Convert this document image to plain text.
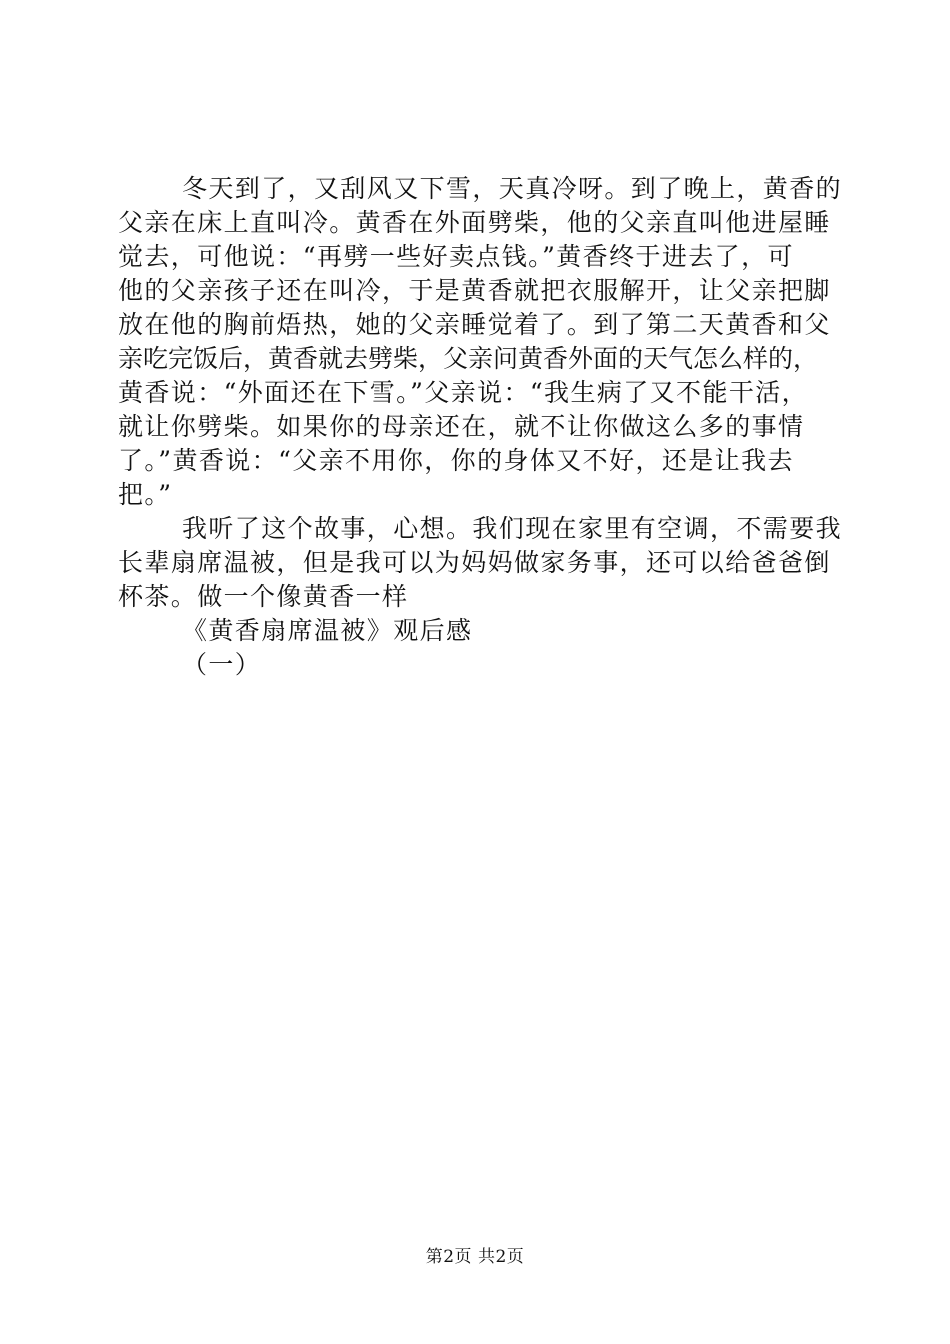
冬天到了，又刮风又下雪，天真冷呀。到了晚上，黄香的
父亲在床上直叫冷。黄香在外面劈柴，他的父亲直叫他进屋睡
觉去，可他说：“再劈一些好卖点钱。”黄香终于进去了，可
他的父亲孩子还在叫冷，于是黄香就把衣服解开，让父亲把脚
放在他的胸前焐热，她的父亲睡觉着了。到了第二天黄香和父
亲吃完饭后，黄香就去劈柴，父亲问黄香外面的天气怎么样的，
黄香说：“外面还在下雪。”父亲说：“我生病了又不能干活，
就让你劈柴。如果你的母亲还在，就不让你做这么多的事情
了。”黄香说：“父亲不用你，你的身体又不好，还是让我去
把。”
我听了这个故事，心想。我们现在家里有空调，不需要我
长辈扇席温被，但是我可以为妈妈做家务事，还可以给爸爸倒
杯茶。做一个像黄香一样
《黄香扇席温被》观后感
（一）
第2页 共2页
